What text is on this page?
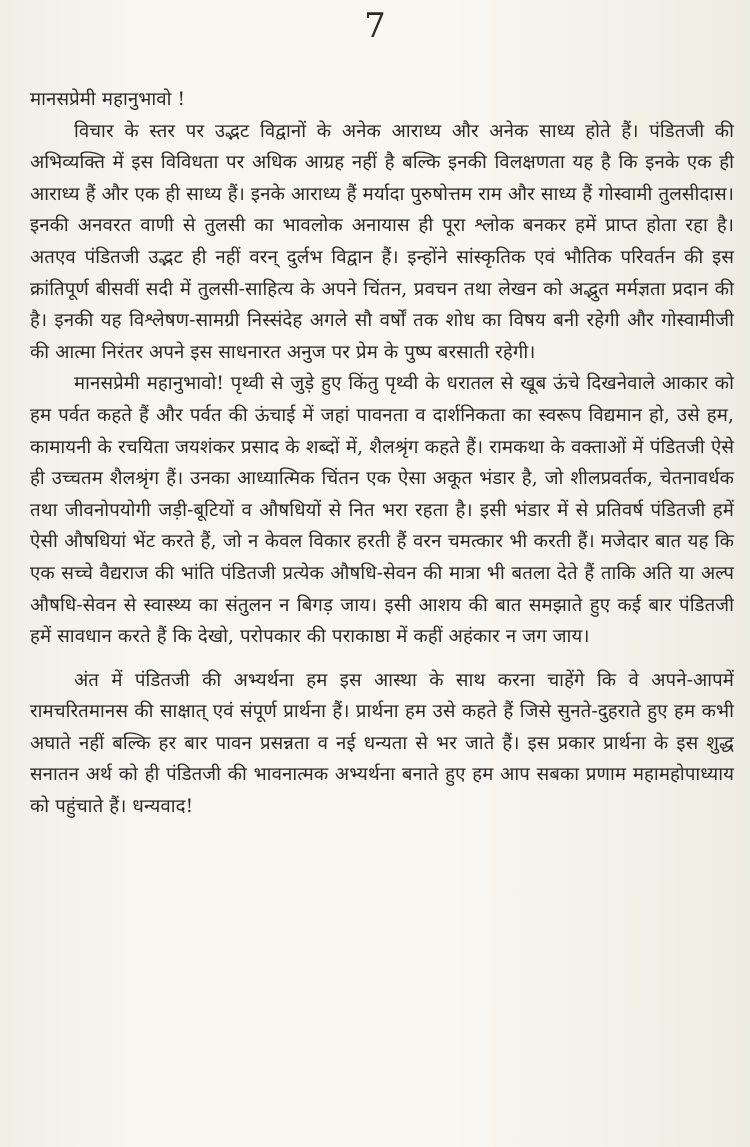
7

मानसप्रेमी महानुभावो !

विचार के स्तर पर उद्भट विद्वानों के अनेक आराध्य और अनेक साध्य होते हैं। पंडितजी की अभिव्यक्ति में इस विविधता पर अधिक आग्रह नहीं है बल्कि इनकी विलक्षणता यह है कि इनके एक ही आराध्य हैं और एक ही साध्य हैं। इनके आराध्य हैं मर्यादा पुरुषोत्तम राम और साध्य हैं गोस्वामी तुलसीदास। इनकी अनवरत वाणी से तुलसी का भावलोक अनायास ही पूरा श्लोक बनकर हमें प्राप्त होता रहा है। अतएव पंडितजी उद्भट ही नहीं वरन् दुर्लभ विद्वान हैं। इन्होंने सांस्कृतिक एवं भौतिक परिवर्तन की इस क्रांतिपूर्ण बीसवीं सदी में तुलसी-साहित्य के अपने चिंतन, प्रवचन तथा लेखन को अद्भुत मर्मज्ञता प्रदान की है। इनकी यह विश्लेषण-सामग्री निस्संदेह अगले सौ वर्षों तक शोध का विषय बनी रहेगी और गोस्वामीजी की आत्मा निरंतर अपने इस साधनारत अनुज पर प्रेम के पुष्प बरसाती रहेगी।

मानसप्रेमी महानुभावो! पृथ्वी से जुड़े हुए किंतु पृथ्वी के धरातल से खूब ऊंचे दिखनेवाले आकार को हम पर्वत कहते हैं और पर्वत की ऊंचाई में जहां पावनता व दार्शनिकता का स्वरूप विद्यमान हो, उसे हम, कामायनी के रचयिता जयशंकर प्रसाद के शब्दों में, शैलश्रृंग कहते हैं। रामकथा के वक्ताओं में पंडितजी ऐसे ही उच्चतम शैलश्रृंग हैं। उनका आध्यात्मिक चिंतन एक ऐसा अकूत भंडार है, जो शीलप्रवर्तक, चेतनावर्धक तथा जीवनोपयोगी जड़ी-बूटियों व औषधियों से नित भरा रहता है। इसी भंडार में से प्रतिवर्ष पंडितजी हमें ऐसी औषधियां भेंट करते हैं, जो न केवल विकार हरती हैं वरन चमत्कार भी करती हैं। मजेदार बात यह कि एक सच्चे वैद्यराज की भांति पंडितजी प्रत्येक औषधि-सेवन की मात्रा भी बतला देते हैं ताकि अति या अल्प औषधि-सेवन से स्वास्थ्य का संतुलन न बिगड़ जाय। इसी आशय की बात समझाते हुए कई बार पंडितजी हमें सावधान करते हैं कि देखो, परोपकार की पराकाष्ठा में कहीं अहंकार न जग जाय।

अंत में पंडितजी की अभ्यर्थना हम इस आस्था के साथ करना चाहेंगे कि वे अपने-आपमें रामचरितमानस की साक्षात् एवं संपूर्ण प्रार्थना हैं। प्रार्थना हम उसे कहते हैं जिसे सुनते-दुहराते हुए हम कभी अघाते नहीं बल्कि हर बार पावन प्रसन्नता व नई धन्यता से भर जाते हैं। इस प्रकार प्रार्थना के इस शुद्ध सनातन अर्थ को ही पंडितजी की भावनात्मक अभ्यर्थना बनाते हुए हम आप सबका प्रणाम महामहोपाध्याय को पहुंचाते हैं। धन्यवाद!
